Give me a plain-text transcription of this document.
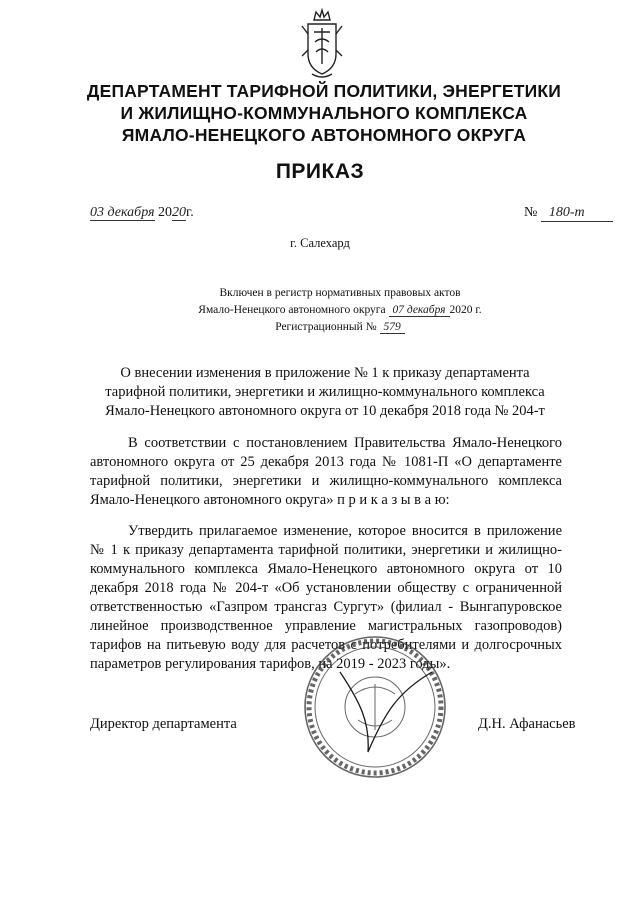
ДЕПАРТАМЕНТ ТАРИФНОЙ ПОЛИТИКИ, ЭНЕРГЕТИКИ
И ЖИЛИЩНО-КОММУНАЛЬНОГО КОМПЛЕКСА
ЯМАЛО-НЕНЕЦКОГО АВТОНОМНОГО ОКРУГА
ПРИКАЗ
03 декабря 2020г.	№ 180-т
г. Салехард
Включен в регистр нормативных правовых актов
Ямало-Ненецкого автономного округа 07 декабря 2020 г.
Регистрационный № 579
О внесении изменения в приложение № 1 к приказу департамента тарифной политики, энергетики и жилищно-коммунального комплекса Ямало-Ненецкого автономного округа от 10 декабря 2018 года № 204-т

В соответствии с постановлением Правительства Ямало-Ненецкого автономного округа от 25 декабря 2013 года № 1081-П «О департаменте тарифной политики, энергетики и жилищно-коммунального комплекса Ямало-Ненецкого автономного округа» п р и к а з ы в а ю:

Утвердить прилагаемое изменение, которое вносится в приложение № 1 к приказу департамента тарифной политики, энергетики и жилищно-коммунального комплекса Ямало-Ненецкого автономного округа от 10 декабря 2018 года № 204-т «Об установлении обществу с ограниченной ответственностью «Газпром трансгаз Сургут» (филиал - Вынгапуровское линейное производственное управление магистральных газопроводов) тарифов на питьевую воду для расчетов с потребителями и долгосрочных параметров регулирования тарифов, на 2019 - 2023 годы».

Директор департамента	Д.Н. Афанасьев
